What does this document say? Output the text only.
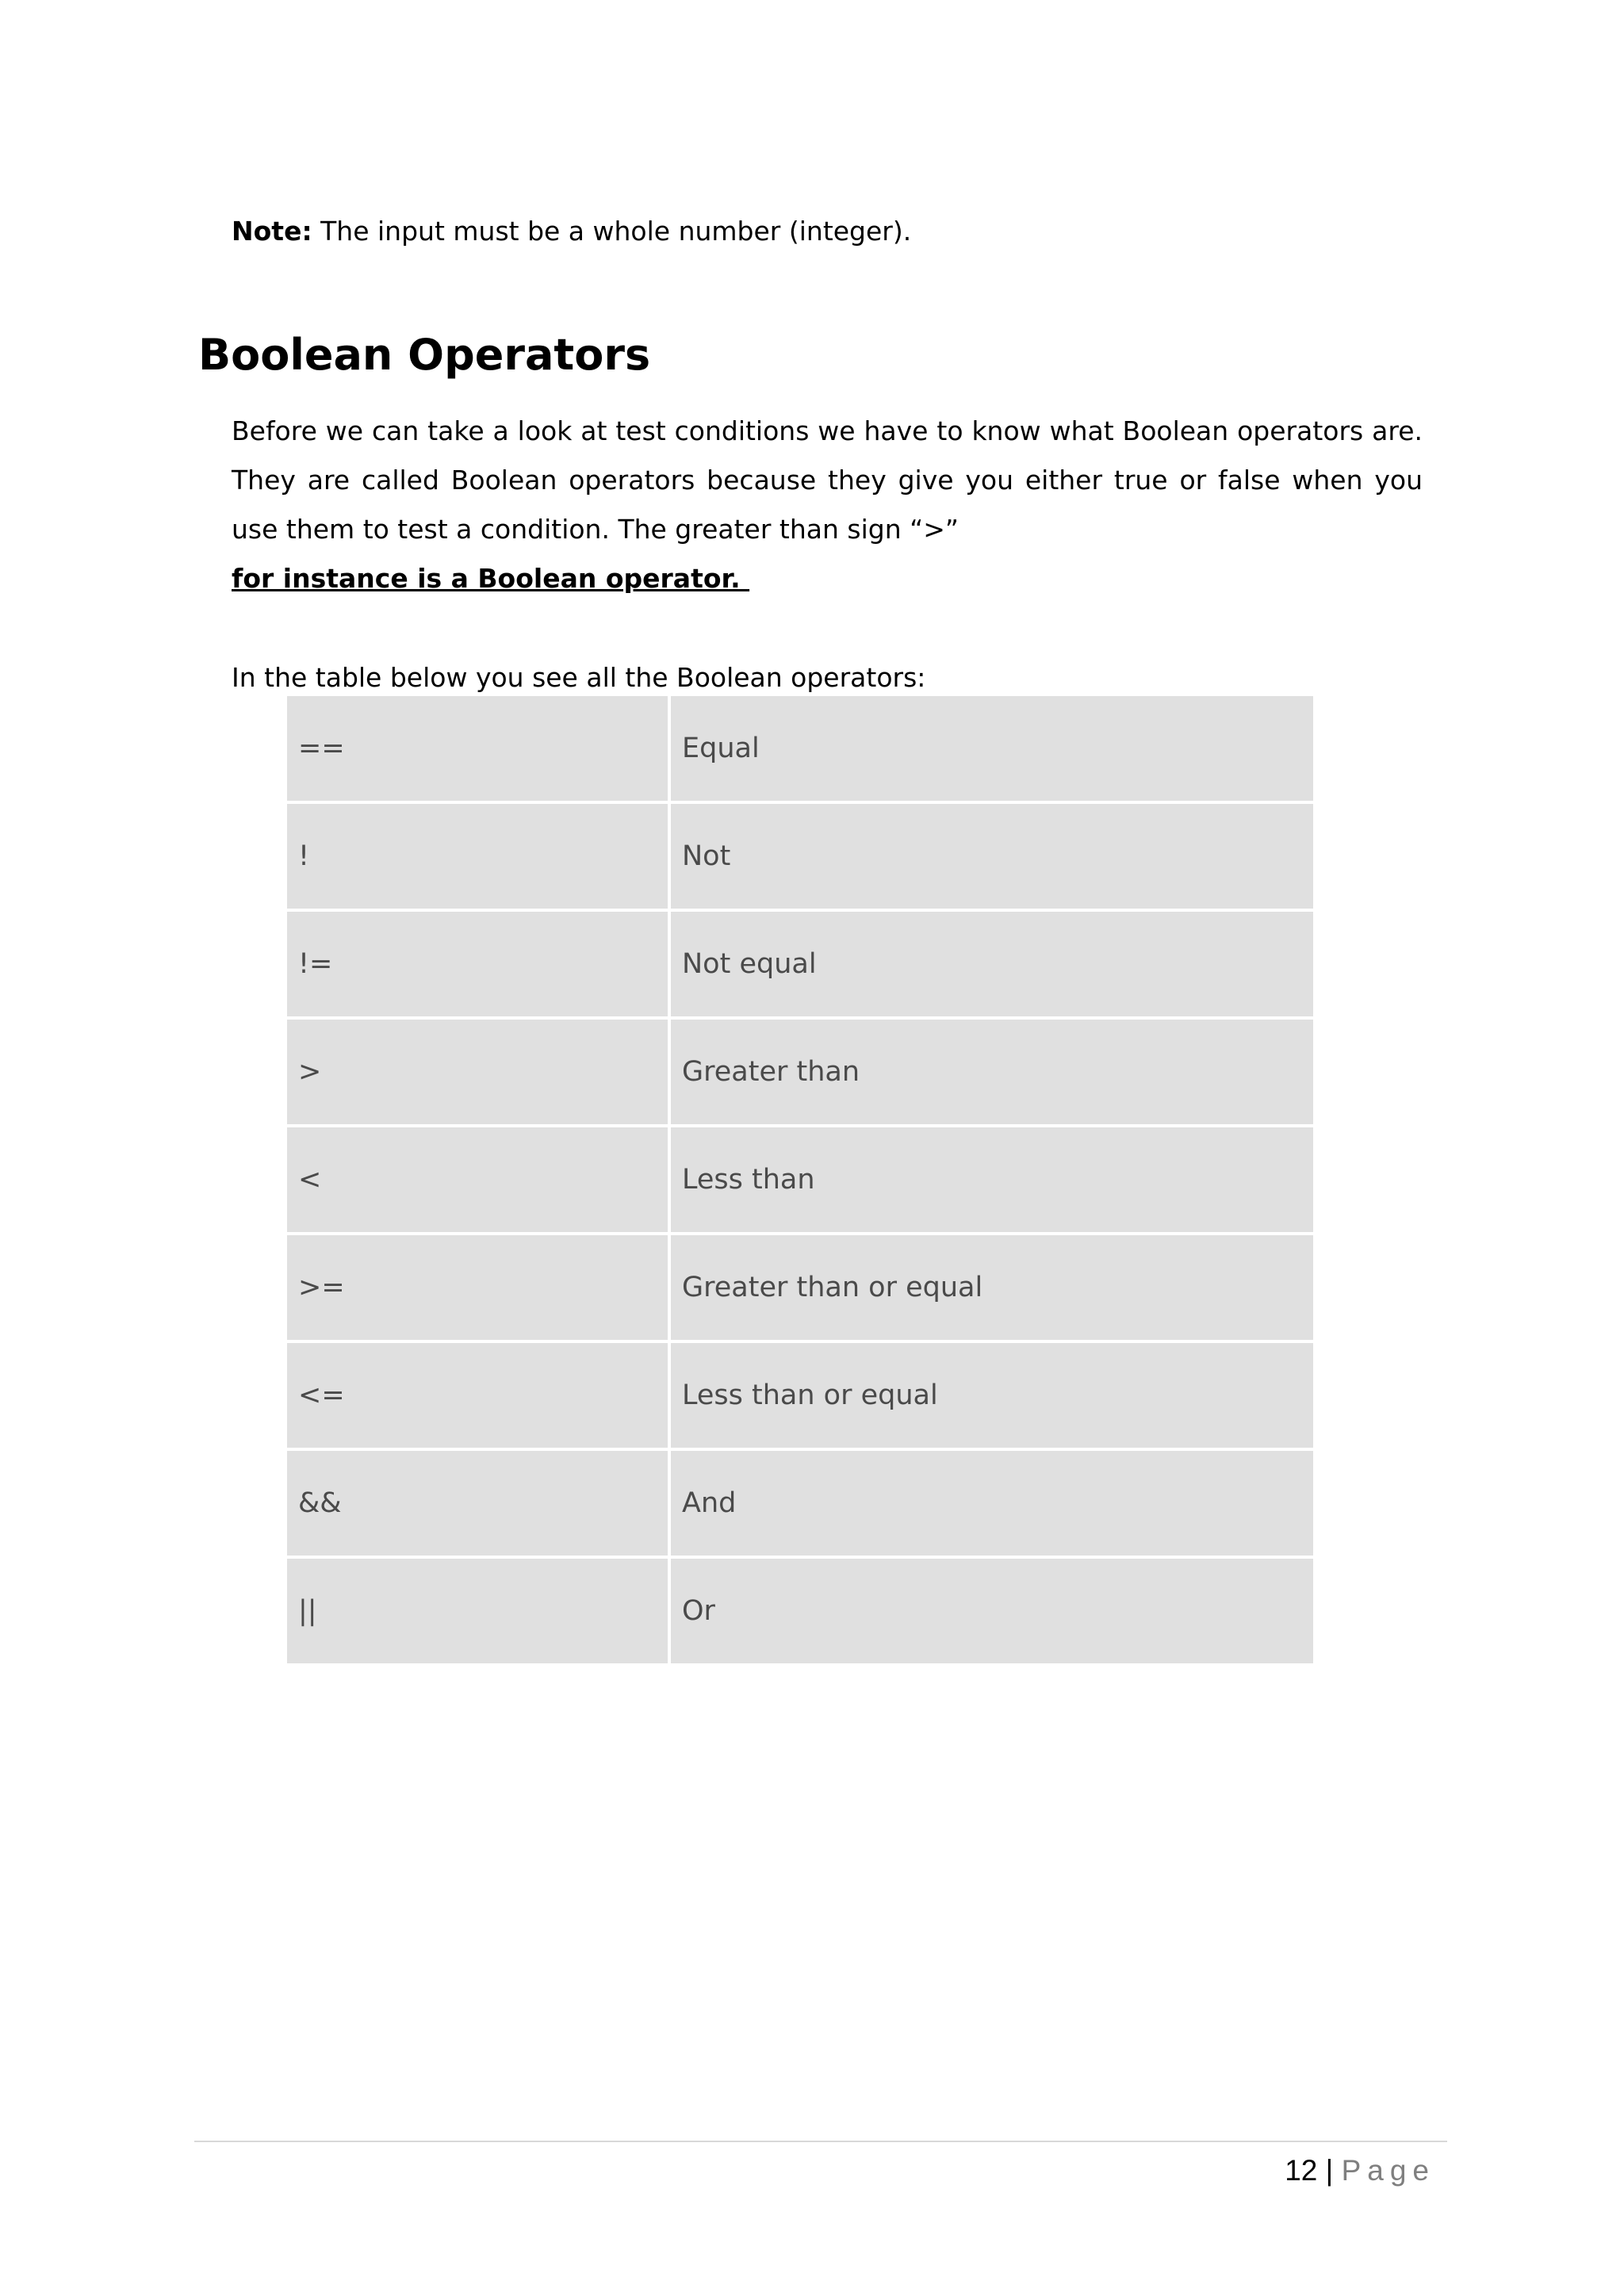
Note: The input must be a whole number (integer).
Boolean Operators

Before we can take a look at test conditions we have to know what Boolean operators are. They are called Boolean operators because they give you either true or false when you use them to test a condition. The greater than sign “>”

for instance is a Boolean operator.
In the table below you see all the Boolean operators:
==	Equal
!	Not
!=	Not equal
>	Greater than
<	Less than
>=	Greater than or equal
<=	Less than or equal
&&	And
||	Or
12 | Page
